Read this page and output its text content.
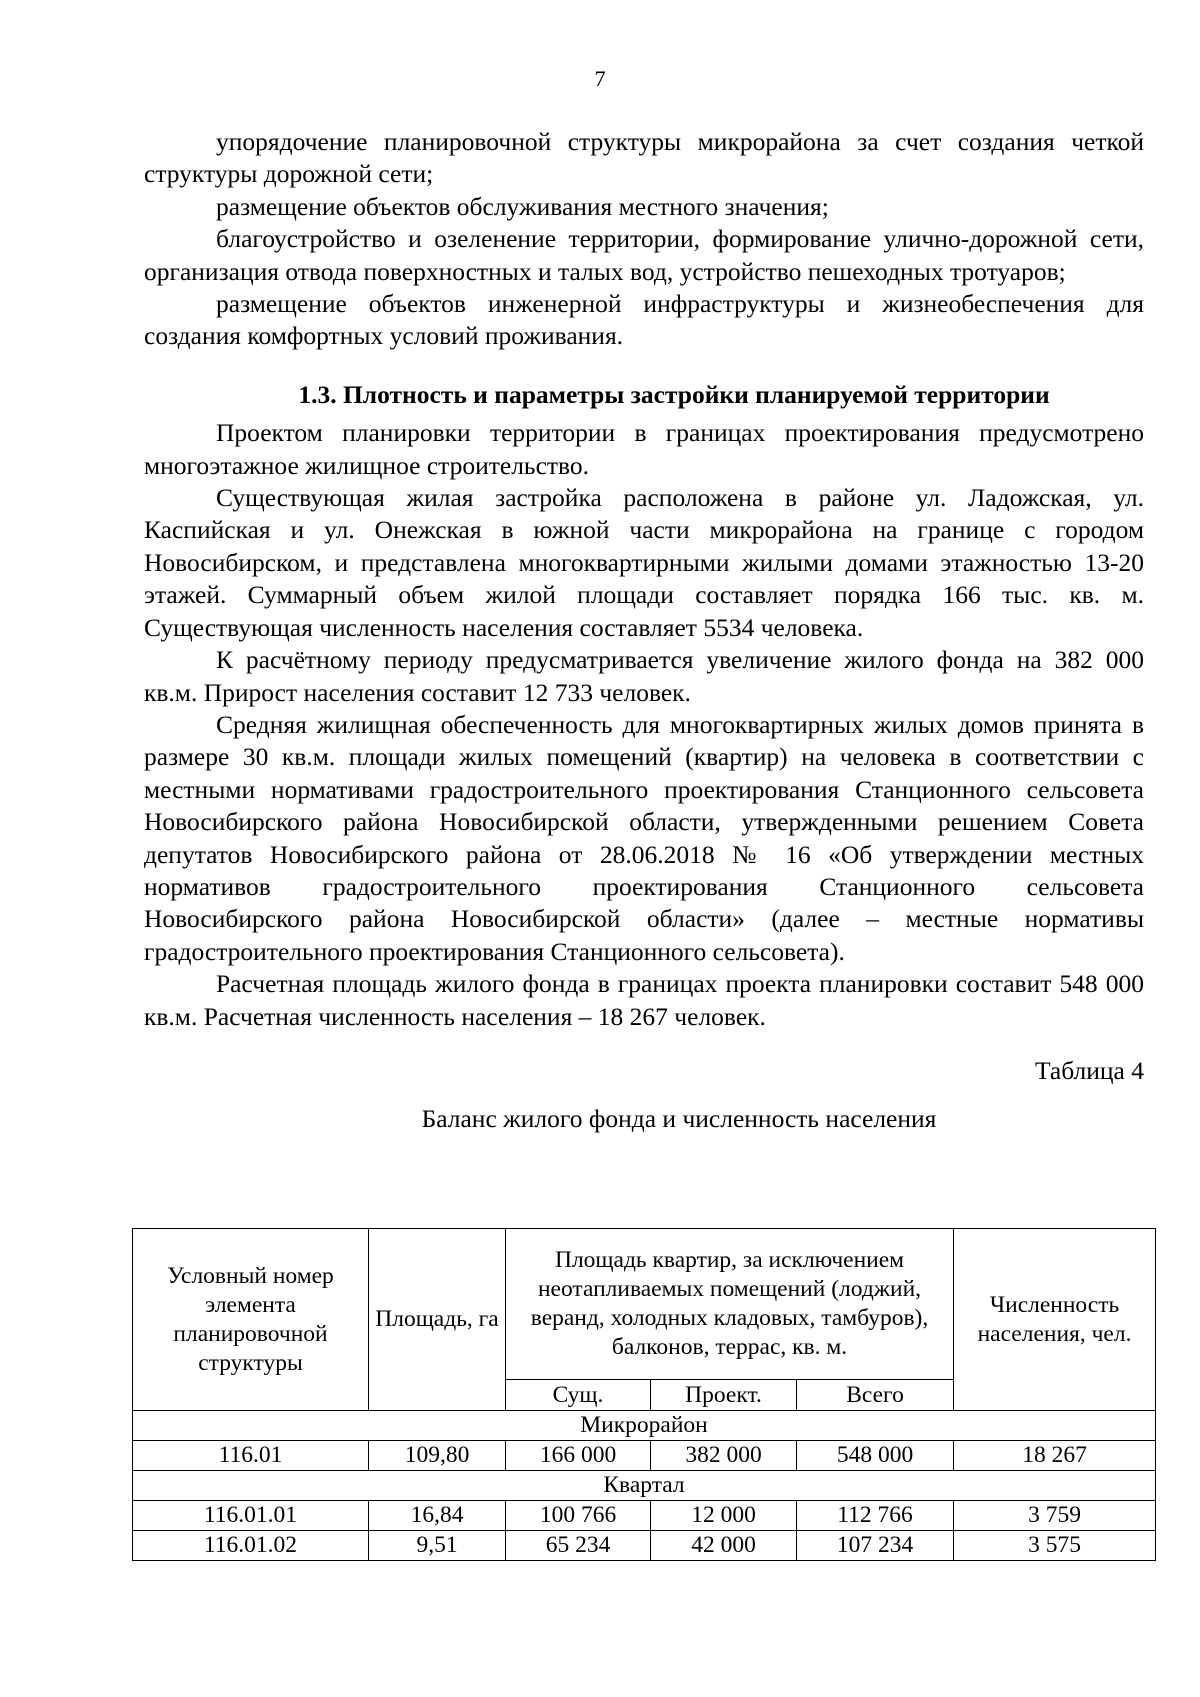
7

упорядочение планировочной структуры микрорайона за счет создания четкой структуры дорожной сети;

размещение объектов обслуживания местного значения;

благоустройство и озеленение территории, формирование улично-дорожной сети, организация отвода поверхностных и талых вод, устройство пешеходных тротуаров;

размещение объектов инженерной инфраструктуры и жизнеобеспечения для создания комфортных условий проживания.

1.3. Плотность и параметры застройки планируемой территории

Проектом планировки территории в границах проектирования предусмотрено многоэтажное жилищное строительство.

Существующая жилая застройка расположена в районе ул. Ладожская, ул. Каспийская и ул. Онежская в южной части микрорайона на границе с городом Новосибирском, и представлена многоквартирными жилыми домами этажностью 13-20 этажей. Суммарный объем жилой площади составляет порядка 166 тыс. кв. м. Существующая численность населения составляет 5534 человека.

К расчётному периоду предусматривается увеличение жилого фонда на 382 000 кв.м. Прирост населения составит 12 733 человек.

Средняя жилищная обеспеченность для многоквартирных жилых домов принята в размере 30 кв.м. площади жилых помещений (квартир) на человека в соответствии с местными нормативами градостроительного проектирования Станционного сельсовета Новосибирского района Новосибирской области, утвержденными решением Совета депутатов Новосибирского района от 28.06.2018 № 16 «Об утверждении местных нормативов градостроительного проектирования Станционного сельсовета Новосибирского района Новосибирской области» (далее – местные нормативы градостроительного проектирования Станционного сельсовета).

Расчетная площадь жилого фонда в границах проекта планировки составит 548 000 кв.м. Расчетная численность населения – 18 267 человек.

Таблица 4

Баланс жилого фонда и численность населения

Условный номер элемента планировочной структуры	Площадь, га	Площадь квартир, за исключением неотапливаемых помещений (лоджий, веранд, холодных кладовых, тамбуров), балконов, террас, кв. м.			Численность населения, чел.
		Сущ.	Проект.	Всего	
Микрорайон					
116.01	109,80	166 000	382 000	548 000	18 267
Квартал					
116.01.01	16,84	100 766	12 000	112 766	3 759
116.01.02	9,51	65 234	42 000	107 234	3 575
